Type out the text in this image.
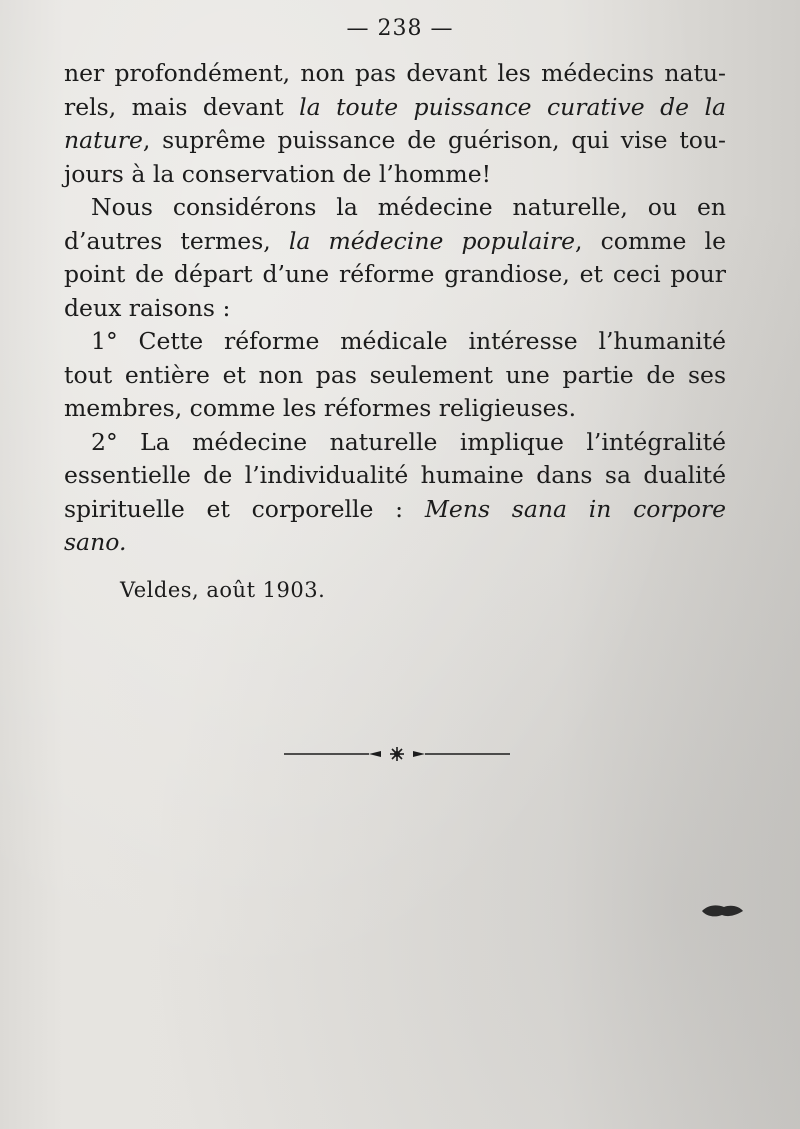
— 238 —
ner profondément, non pas devant les médecins natu-
rels, mais devant la toute puissance curative de la
nature, suprême puissance de guérison, qui vise tou-
jours à la conservation de l’homme!
Nous considérons la médecine naturelle, ou en
d’autres termes, la médecine populaire, comme le
point de départ d’une réforme grandiose, et ceci pour
deux raisons :
1° Cette réforme médicale intéresse l’humanité
tout entière et non pas seulement une partie de ses
membres, comme les réformes religieuses.
2° La médecine naturelle implique l’intégralité
essentielle de l’individualité humaine dans sa dualité
spirituelle et corporelle : Mens sana in corpore
sano.
Veldes, août 1903.
